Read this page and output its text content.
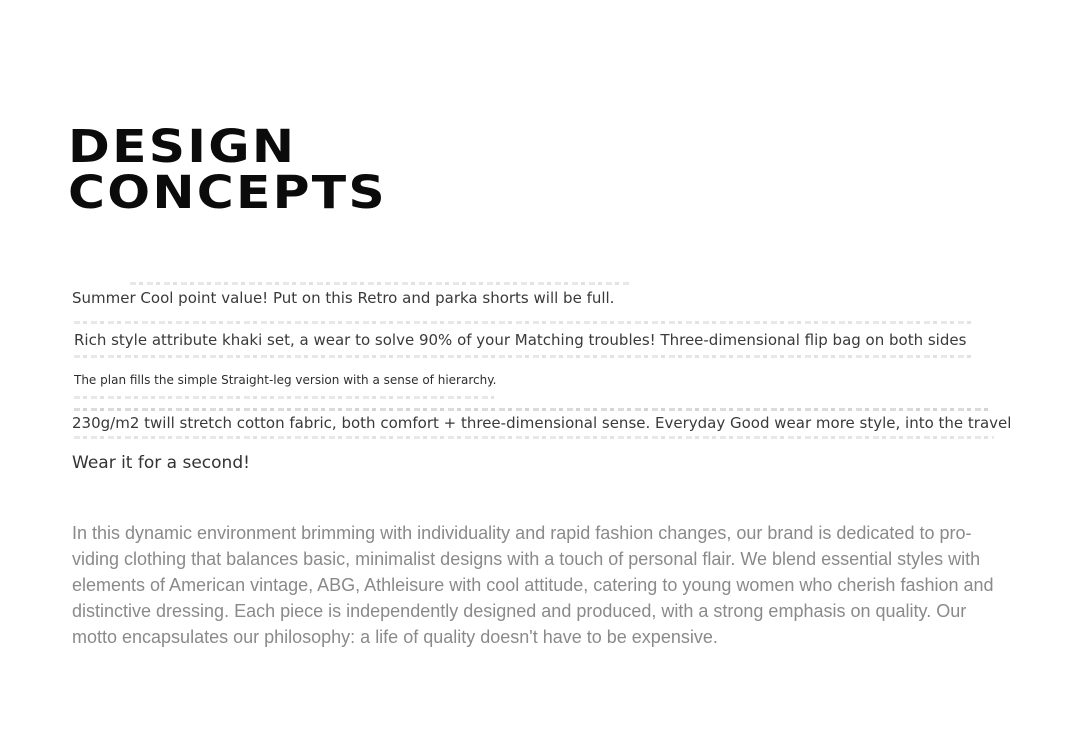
DESIGN
CONCEPTS

Summer Cool point value! Put on this Retro and parka shorts will be full.

Rich style attribute khaki set, a wear to solve 90% of your Matching troubles! Three-dimensional flip bag on both sides

The plan fills the simple Straight-leg version with a sense of hierarchy.

230g/m2 twill stretch cotton fabric, both comfort + three-dimensional sense. Everyday Good wear more style, into the travel

Wear it for a second!

In this dynamic environment brimming with individuality and rapid fashion changes, our brand is dedicated to pro-viding clothing that balances basic, minimalist designs with a touch of personal flair. We blend essential styles with elements of American vintage, ABG, Athleisure with cool attitude, catering to young women who cherish fashion and distinctive dressing. Each piece is independently designed and produced, with a strong emphasis on quality. Our motto encapsulates our philosophy: a life of quality doesn't have to be expensive.
